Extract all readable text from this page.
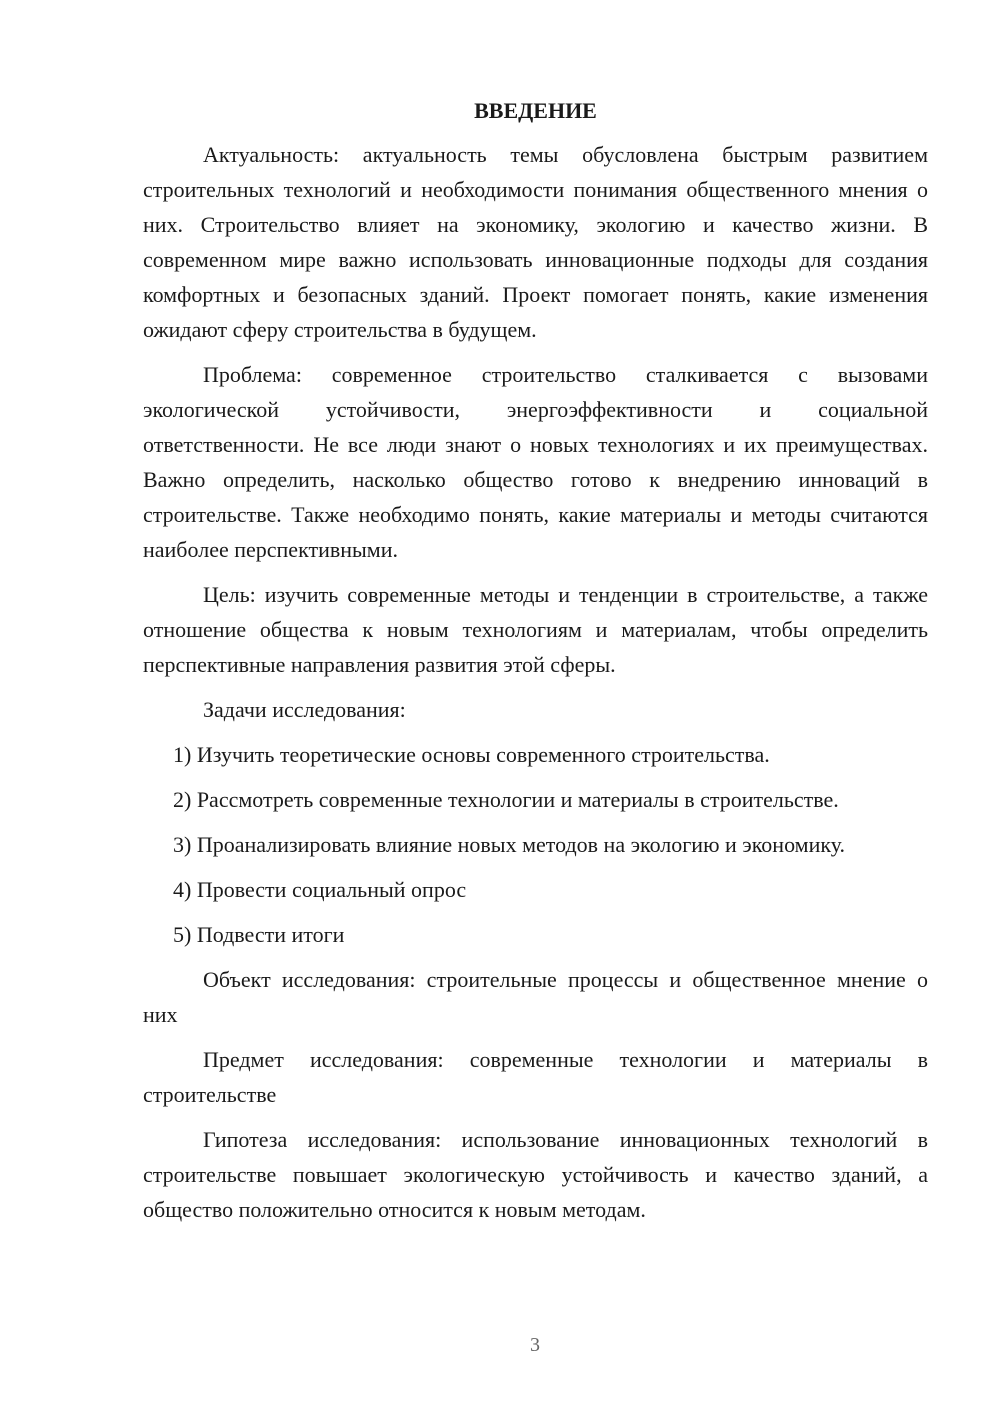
ВВЕДЕНИЕ

Актуальность: актуальность темы обусловлена быстрым развитием строительных технологий и необходимости понимания общественного мнения о них. Строительство влияет на экономику, экологию и качество жизни. В современном мире важно использовать инновационные подходы для создания комфортных и безопасных зданий. Проект помогает понять, какие изменения ожидают сферу строительства в будущем.

Проблема: современное строительство сталкивается с вызовами экологической устойчивости, энергоэффективности и социальной ответственности. Не все люди знают о новых технологиях и их преимуществах. Важно определить, насколько общество готово к внедрению инноваций в строительстве. Также необходимо понять, какие материалы и методы считаются наиболее перспективными.

Цель: изучить современные методы и тенденции в строительстве, а также отношение общества к новым технологиям и материалам, чтобы определить перспективные направления развития этой сферы.

Задачи исследования:

1) Изучить теоретические основы современного строительства.

2) Рассмотреть современные технологии и материалы в строительстве.

3) Проанализировать влияние новых методов на экологию и экономику.

4) Провести социальный опрос

5) Подвести итоги

Объект исследования: строительные процессы и общественное мнение о них

Предмет исследования: современные технологии и материалы в строительстве

Гипотеза исследования: использование инновационных технологий в строительстве повышает экологическую устойчивость и качество зданий, а общество положительно относится к новым методам.

3
